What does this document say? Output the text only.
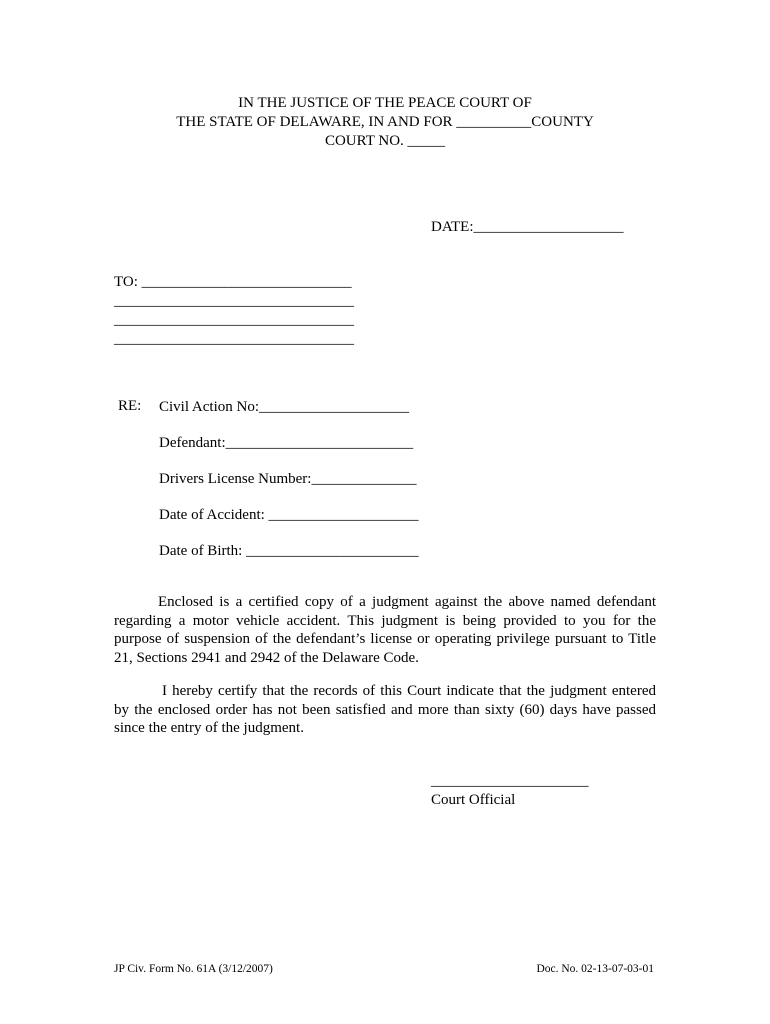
IN THE JUSTICE OF THE PEACE COURT OF
THE STATE OF DELAWARE, IN AND FOR __________COUNTY
COURT NO. _____
DATE:____________________
TO: ____________________________
________________________________
________________________________
________________________________
RE: Civil Action No:____________________
Defendant:_________________________
Drivers License Number:______________
Date of Accident: ____________________
Date of Birth: _______________________
Enclosed is a certified copy of a judgment against the above named defendant regarding a motor vehicle accident. This judgment is being provided to you for the purpose of suspension of the defendant’s license or operating privilege pursuant to Title 21, Sections 2941 and 2942 of the Delaware Code.
I hereby certify that the records of this Court indicate that the judgment entered by the enclosed order has not been satisfied and more than sixty (60) days have passed since the entry of the judgment.
_____________________
Court Official
JP Civ. Form No. 61A (3/12/2007)	Doc. No. 02-13-07-03-01
